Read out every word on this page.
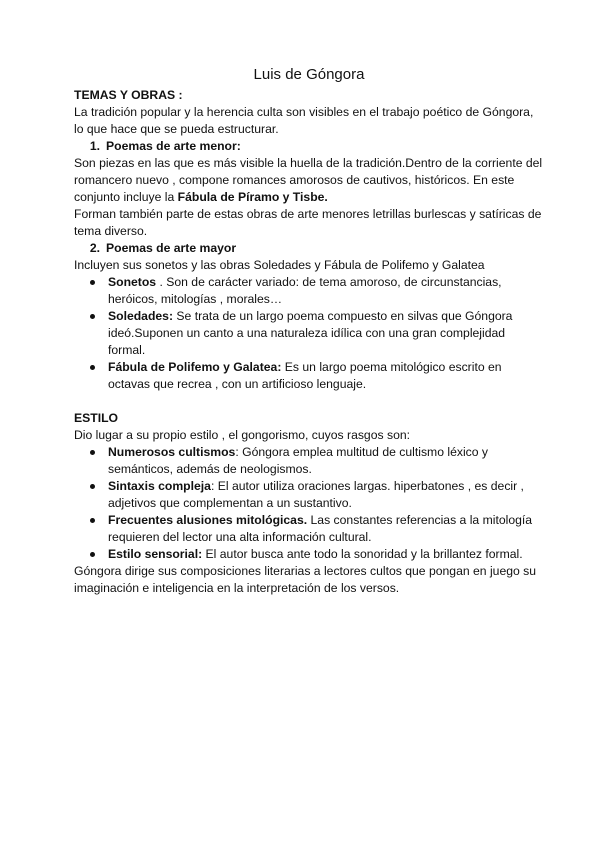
Luis de Góngora

TEMAS Y OBRAS :

La tradición popular y la herencia culta son visibles en el trabajo poético de Góngora, lo que hace que se pueda estructurar.

1. Poemas de arte menor:

Son piezas en las que es más visible la huella de la tradición.Dentro de la corriente del romancero nuevo , compone romances amorosos de cautivos, históricos. En este conjunto incluye la Fábula de Píramo y Tisbe.

Forman también parte de estas obras de arte menores letrillas burlescas y satíricas de tema diverso.

2. Poemas de arte mayor

Incluyen sus sonetos y las obras Soledades y Fábula de Polifemo y Galatea

Sonetos . Son de carácter variado: de tema amoroso, de circunstancias, heróicos, mitologías , morales…
Soledades: Se trata de un largo poema compuesto en silvas que Góngora ideó.Suponen un canto a una naturaleza idílica con una gran complejidad formal.
Fábula de Polifemo y Galatea: Es un largo poema mitológico escrito en octavas que recrea , con un artificioso lenguaje.

ESTILO

Dio lugar a su propio estilo , el gongorismo, cuyos rasgos son:

Numerosos cultismos: Góngora emplea multitud de cultismo léxico y semánticos, además de neologismos.
Sintaxis compleja: El autor utiliza oraciones largas. hiperbatones , es decir , adjetivos que complementan a un sustantivo.
Frecuentes alusiones mitológicas. Las constantes referencias a la mitología requieren del lector una alta información cultural.
Estilo sensorial: El autor busca ante todo la sonoridad y la brillantez formal.

Góngora dirige sus composiciones literarias a lectores cultos que pongan en juego su imaginación e inteligencia en la interpretación de los versos.
